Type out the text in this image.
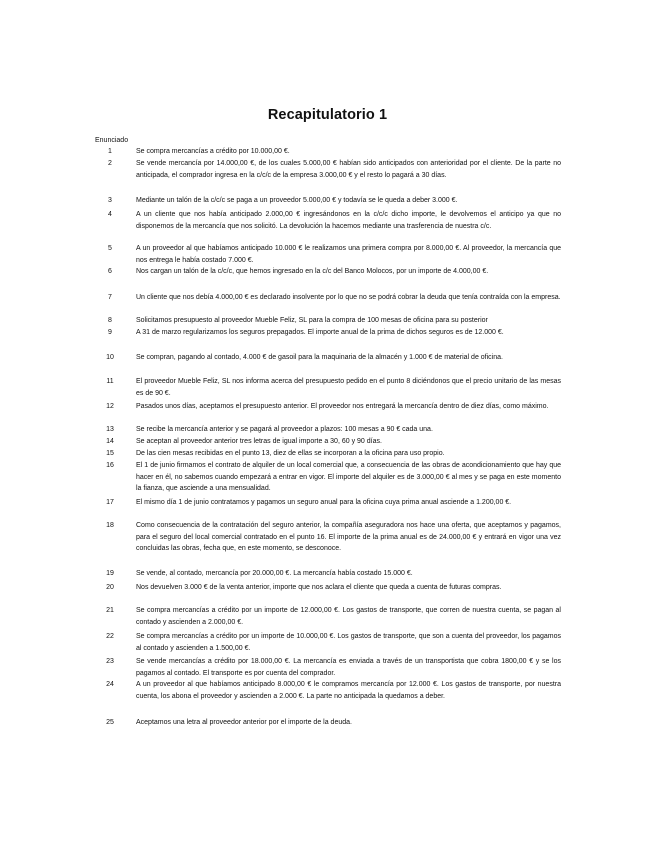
Recapitulatorio 1
Enunciado
1	Se compra mercancías a crédito por 10.000,00 €.
2	Se vende mercancía por 14.000,00 €, de los cuales 5.000,00 € habían sido anticipados con anterioridad por el cliente. De la parte no anticipada, el comprador ingresa en la c/c/c de la empresa 3.000,00 € y el resto lo pagará a 30 días.
3	Mediante un talón de la c/c/c se paga a un proveedor 5.000,00 € y todavía se le queda a deber 3.000 €.
4	A un cliente que nos había anticipado 2.000,00 € ingresándonos en la c/c/c dicho importe, le devolvemos el anticipo ya que no disponemos de la mercancía que nos solicitó. La devolución la hacemos mediante una trasferencia de nuestra c/c.
5	A un proveedor al que habíamos anticipado 10.000 € le realizamos una primera compra por 8.000,00 €. Al proveedor, la mercancía que nos entrega le había costado 7.000 €.
6	Nos cargan un talón de la c/c/c, que hemos ingresado en la c/c del Banco Molocos, por un importe de 4.000,00 €.
7	Un cliente que nos debía 4.000,00 € es declarado insolvente por lo que no se podrá cobrar la deuda que tenía contraída con la empresa.
8	Solicitamos presupuesto al proveedor Mueble Feliz, SL para la compra de 100 mesas de oficina para su posterior
9	A 31 de marzo regularizamos los seguros prepagados. El importe anual de la prima de dichos seguros es de 12.000 €.
10	Se compran, pagando al contado, 4.000 € de gasoil para la maquinaria de la almacén y 1.000 € de material de oficina.
11	El proveedor Mueble Feliz, SL nos informa acerca del presupuesto pedido en el punto 8 diciéndonos que el precio unitario de las mesas es de 90 €.
12	Pasados unos días, aceptamos el presupuesto anterior. El proveedor nos entregará la mercancía dentro de diez días, como máximo.
13	Se recibe la mercancía anterior y se pagará al proveedor a plazos: 100 mesas a 90 € cada una.
14	Se aceptan al proveedor anterior tres letras de igual importe a 30, 60 y 90 días.
15	De las cien mesas recibidas en el punto 13, diez de ellas se incorporan a la oficina para uso propio.
16	El 1 de junio firmamos el contrato de alquiler de un local comercial que, a consecuencia de las obras de acondicionamiento que hay que hacer en él, no sabemos cuando empezará a entrar en vigor. El importe del alquiler es de 3.000,00 € al mes y se paga en este momento la fianza, que asciende a una mensualidad.
17	El mismo día 1 de junio contratamos y pagamos un seguro anual para la oficina cuya prima anual asciende a 1.200,00 €.
18	Como consecuencia de la contratación del seguro anterior, la compañía aseguradora nos hace una oferta, que aceptamos y pagamos, para el seguro del local comercial contratado en el punto 16. El importe de la prima anual es de 24.000,00 € y entrará en vigor una vez concluidas las obras, fecha que, en este momento, se desconoce.
19	Se vende, al contado, mercancía por 20.000,00 €. La mercancía había costado 15.000 €.
20	Nos devuelven 3.000 € de la venta anterior, importe que nos aclara el cliente que queda a cuenta de futuras compras.
21	Se compra mercancías a crédito por un importe de 12.000,00 €. Los gastos de transporte, que corren de nuestra cuenta, se pagan al contado y ascienden a 2.000,00 €.
22	Se compra mercancías a crédito por un importe de 10.000,00 €. Los gastos de transporte, que son a cuenta del proveedor, los pagamos al contado y ascienden a 1.500,00 €.
23	Se vende mercancías a crédito por 18.000,00 €. La mercancía es enviada a través de un transportista que cobra 1800,00 € y se los pagamos al contado. El transporte es por cuenta del comprador.
24	A un proveedor al que habíamos anticipado 8.000,00 € le compramos mercancía por 12.000 €. Los gastos de transporte, por nuestra cuenta, los abona el proveedor y ascienden a 2.000 €. La parte no anticipada la quedamos a deber.
25	Aceptamos una letra al proveedor anterior por el importe de la deuda.
